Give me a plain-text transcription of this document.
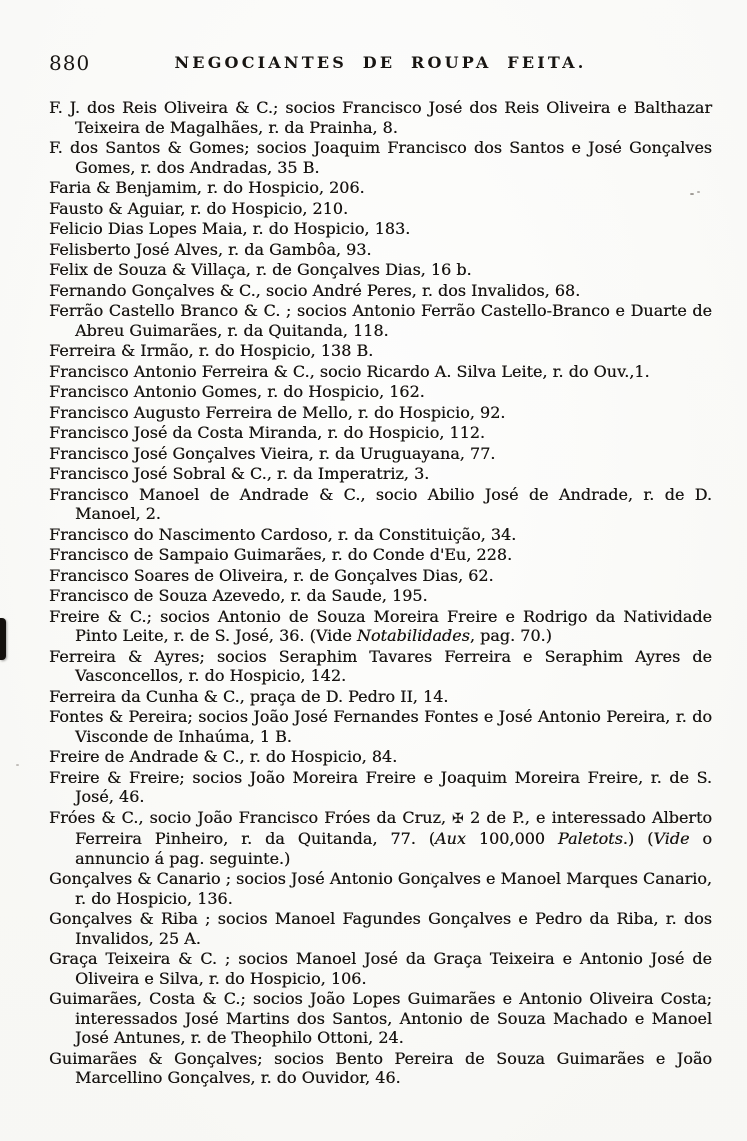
880	NEGOCIANTES DE ROUPA FEITA.
F. J. dos Reis Oliveira & C.; socios Francisco José dos Reis Oliveira e Balthazar Teixeira de Magalhães, r. da Prainha, 8.
F. dos Santos & Gomes; socios Joaquim Francisco dos Santos e José Gonçalves Gomes, r. dos Andradas, 35 B.
Faria & Benjamim, r. do Hospicio, 206.
Fausto & Aguiar, r. do Hospicio, 210.
Felicio Dias Lopes Maia, r. do Hospicio, 183.
Felisberto José Alves, r. da Gambôa, 93.
Felix de Souza & Villaça, r. de Gonçalves Dias, 16 b.
Fernando Gonçalves & C., socio André Peres, r. dos Invalidos, 68.
Ferrão Castello Branco & C. ; socios Antonio Ferrão Castello-Branco e Duarte de Abreu Guimarães, r. da Quitanda, 118.
Ferreira & Irmão, r. do Hospicio, 138 B.
Francisco Antonio Ferreira & C., socio Ricardo A. Silva Leite, r. do Ouv.,1.
Francisco Antonio Gomes, r. do Hospicio, 162.
Francisco Augusto Ferreira de Mello, r. do Hospicio, 92.
Francisco José da Costa Miranda, r. do Hospicio, 112.
Francisco José Gonçalves Vieira, r. da Uruguayana, 77.
Francisco José Sobral & C., r. da Imperatriz, 3.
Francisco Manoel de Andrade & C., socio Abilio José de Andrade, r. de D. Manoel, 2.
Francisco do Nascimento Cardoso, r. da Constituição, 34.
Francisco de Sampaio Guimarães, r. do Conde d'Eu, 228.
Francisco Soares de Oliveira, r. de Gonçalves Dias, 62.
Francisco de Souza Azevedo, r. da Saude, 195.
Freire & C.; socios Antonio de Souza Moreira Freire e Rodrigo da Natividade Pinto Leite, r. de S. José, 36. (Vide Notabilidades, pag. 70.)
Ferreira & Ayres; socios Seraphim Tavares Ferreira e Seraphim Ayres de Vasconcellos, r. do Hospicio, 142.
Ferreira da Cunha & C., praça de D. Pedro II, 14.
Fontes & Pereira; socios João José Fernandes Fontes e José Antonio Pereira, r. do Visconde de Inhaúma, 1 B.
Freire de Andrade & C., r. do Hospicio, 84.
Freire & Freire; socios João Moreira Freire e Joaquim Moreira Freire, r. de S. José, 46.
Fróes & C., socio João Francisco Fróes da Cruz, ✠ 2 de P., e interessado Alberto Ferreira Pinheiro, r. da Quitanda, 77. (Aux 100,000 Paletots.) (Vide o annuncio á pag. seguinte.)
Gonçalves & Canario ; socios José Antonio Gonçalves e Manoel Marques Canario, r. do Hospicio, 136.
Gonçalves & Riba ; socios Manoel Fagundes Gonçalves e Pedro da Riba, r. dos Invalidos, 25 A.
Graça Teixeira & C. ; socios Manoel José da Graça Teixeira e Antonio José de Oliveira e Silva, r. do Hospicio, 106.
Guimarães, Costa & C.; socios João Lopes Guimarães e Antonio Oliveira Costa; interessados José Martins dos Santos, Antonio de Souza Machado e Manoel José Antunes, r. de Theophilo Ottoni, 24.
Guimarães & Gonçalves; socios Bento Pereira de Souza Guimarães e João Marcellino Gonçalves, r. do Ouvidor, 46.
